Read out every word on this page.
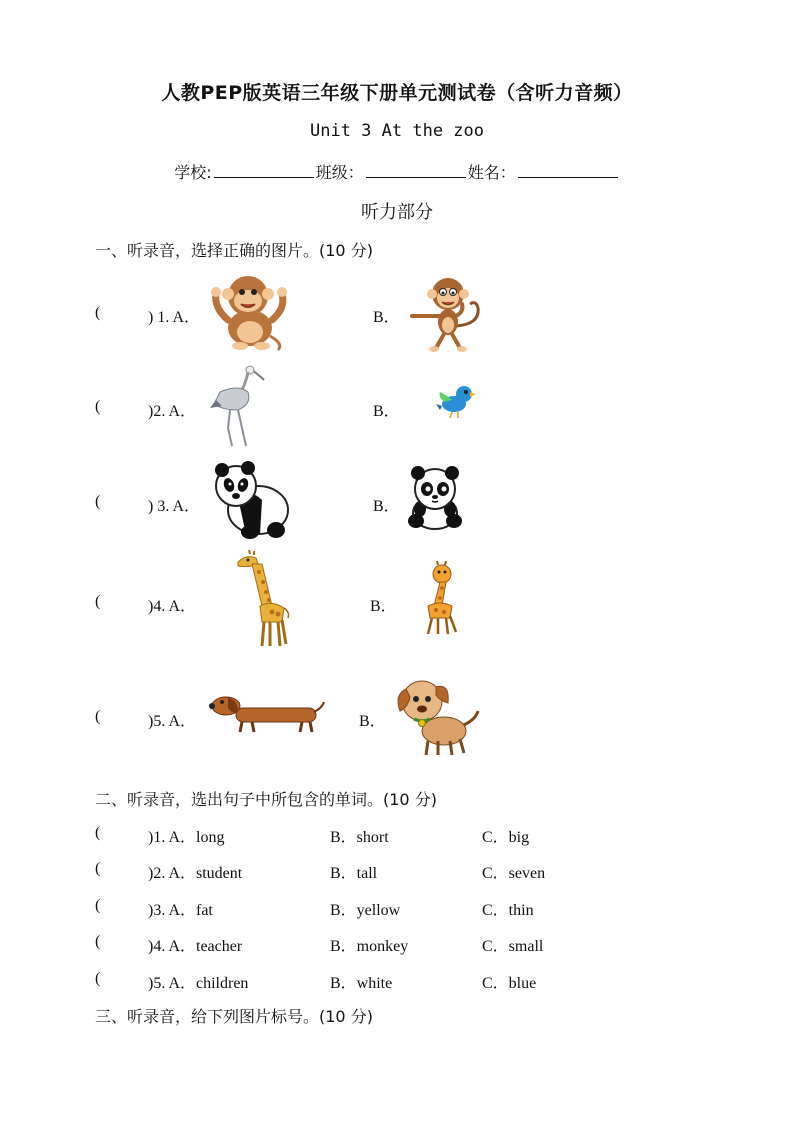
人教PEP版英语三年级下册单元测试卷（含听力音频）
Unit 3 At the zoo
学校:	班级：	姓名：
听力部分
一、听录音，选择正确的图片。(10 分)
(	) 1. A．	B．
(	)2. A．	B．
(	) 3. A．	B．
(	)4. A．	B．
(	)5. A．	B．
二、听录音，选出句子中所包含的单词。(10 分)
(	)1. A．long	B．short	C．big
(	)2. A．student	B．tall	C．seven
(	)3. A．fat	B．yellow	C．thin
(	)4. A．teacher	B．monkey	C．small
(	)5. A．children	B．white	C．blue
三、听录音，给下列图片标号。(10 分)
